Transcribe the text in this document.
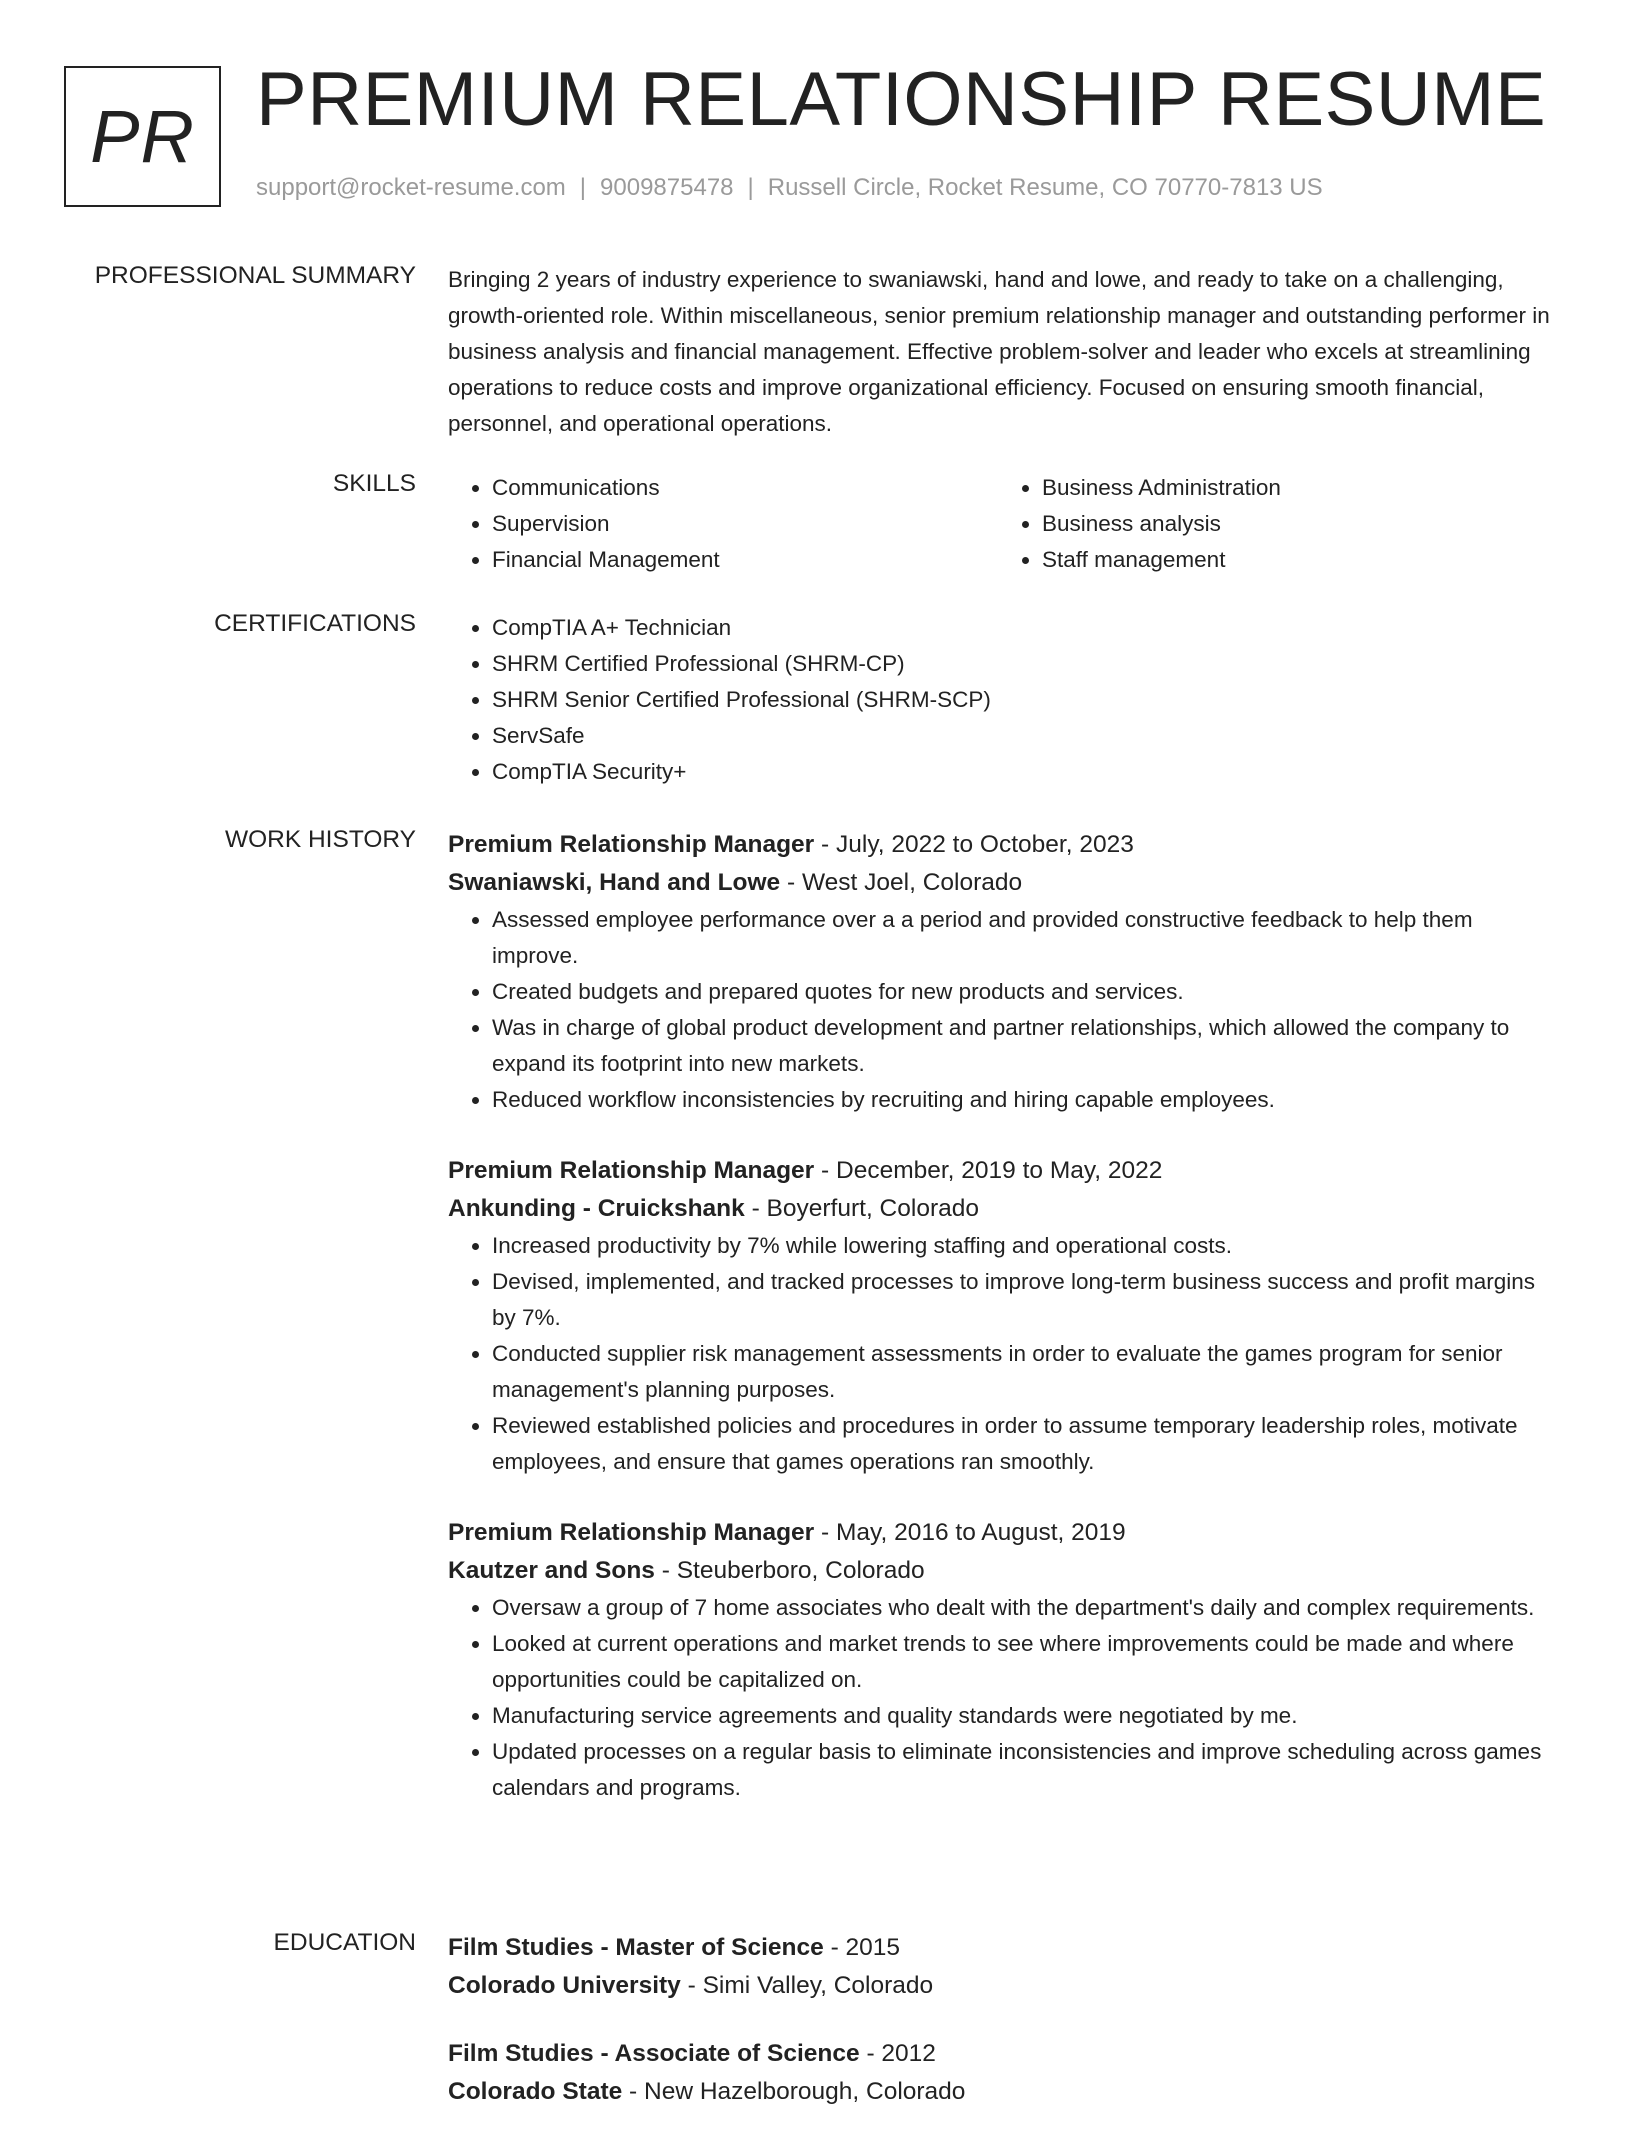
PR PREMIUM RELATIONSHIP RESUME
support@rocket-resume.com | 9009875478 | Russell Circle, Rocket Resume, CO 70770-7813 US
PROFESSIONAL SUMMARY Bringing 2 years of industry experience to swaniawski, hand and lowe, and ready to take on a challenging, growth-oriented role. Within miscellaneous, senior premium relationship manager and outstanding performer in business analysis and financial management. Effective problem-solver and leader who excels at streamlining operations to reduce costs and improve organizational efficiency. Focused on ensuring smooth financial, personnel, and operational operations.

SKILLS	• Communications
• Supervision
• Financial Management
• Business Administration
• Business analysis
• Staff management
CERTIFICATIONS	• CompTIA A+ Technician
• SHRM Certified Professional (SHRM-CP)
• SHRM Senior Certified Professional (SHRM-SCP)
• ServSafe
• CompTIA Security+
WORK HISTORY Premium Relationship Manager - July, 2022 to October, 2023
Swaniawski, Hand and Lowe - West Joel, Colorado
• Assessed employee performance over a a period and provided constructive feedback to help them improve.
• Created budgets and prepared quotes for new products and services.
• Was in charge of global product development and partner relationships, which allowed the company to expand its footprint into new markets.
• Reduced workflow inconsistencies by recruiting and hiring capable employees.
Premium Relationship Manager - December, 2019 to May, 2022
Ankunding - Cruickshank - Boyerfurt, Colorado
• Increased productivity by 7% while lowering staffing and operational costs.
• Devised, implemented, and tracked processes to improve long-term business success and profit margins by 7%.
• Conducted supplier risk management assessments in order to evaluate the games program for senior management's planning purposes.
• Reviewed established policies and procedures in order to assume temporary leadership roles, motivate employees, and ensure that games operations ran smoothly.
Premium Relationship Manager - May, 2016 to August, 2019
Kautzer and Sons - Steuberboro, Colorado
• Oversaw a group of 7 home associates who dealt with the department's daily and complex requirements.
• Looked at current operations and market trends to see where improvements could be made and where opportunities could be capitalized on.
• Manufacturing service agreements and quality standards were negotiated by me.
• Updated processes on a regular basis to eliminate inconsistencies and improve scheduling across games calendars and programs.
EDUCATION Film Studies - Master of Science - 2015
Colorado University - Simi Valley, Colorado
Film Studies - Associate of Science - 2012
Colorado State - New Hazelborough, Colorado
